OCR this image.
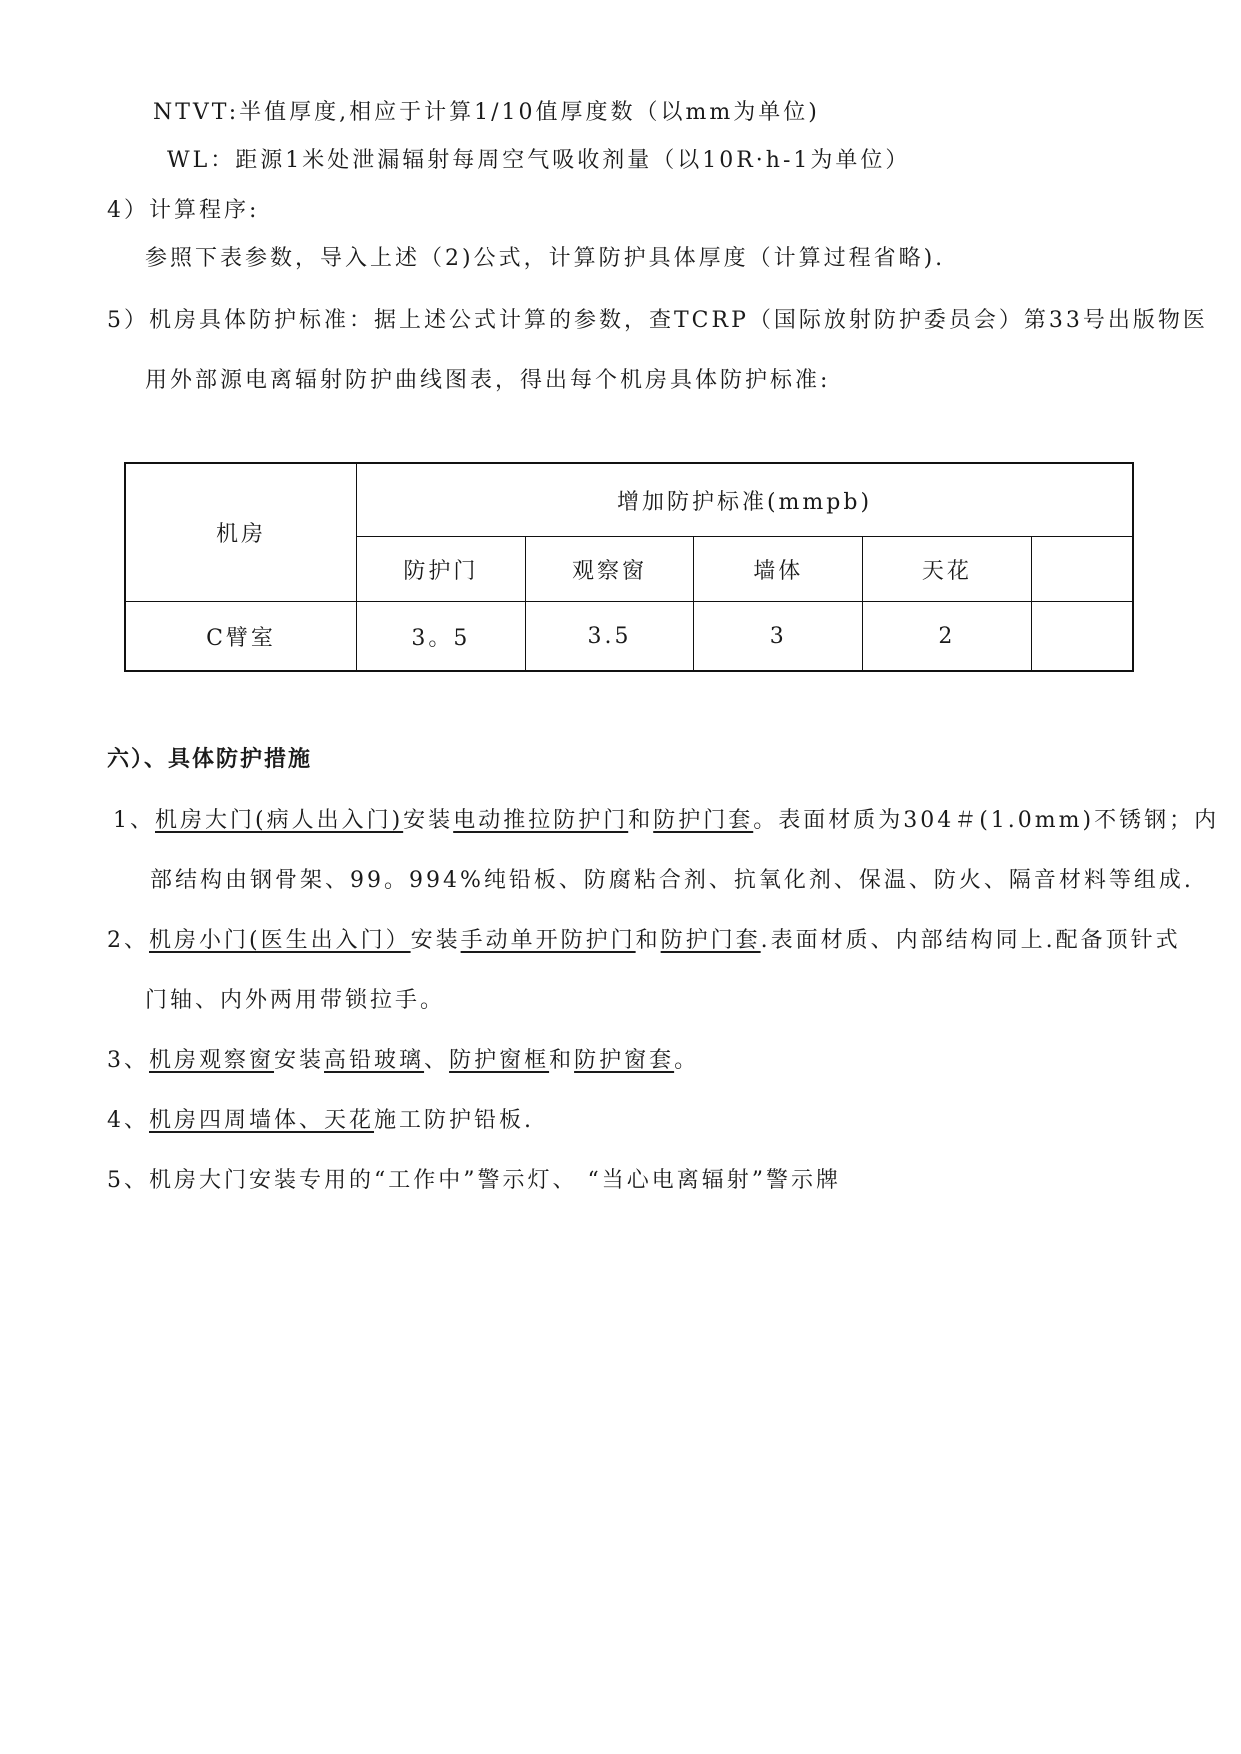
NTVT:半值厚度,相应于计算1/10值厚度数（以mm为单位)
WL：距源1米处泄漏辐射每周空气吸收剂量（以10R·h-1为单位）
4）计算程序:
参照下表参数，导入上述（2)公式，计算防护具体厚度（计算过程省略).
5）机房具体防护标准：据上述公式计算的参数，查TCRP（国际放射防护委员会）第33号出版物医
用外部源电离辐射防护曲线图表，得出每个机房具体防护标准:
机房	增加防护标准(mmpb)				
	防护门	观察窗	墙体	天花	
C臂室	3。5	3.5	3	2	
六）、具体防护措施
1、机房大门(病人出入门)安装电动推拉防护门和防护门套。表面材质为304＃(1.0mm)不锈钢；内
部结构由钢骨架、99。994%纯铅板、防腐粘合剂、抗氧化剂、保温、防火、隔音材料等组成.
2、机房小门(医生出入门）安装手动单开防护门和防护门套.表面材质、内部结构同上.配备顶针式
门轴、内外两用带锁拉手。
3、机房观察窗安装高铅玻璃、防护窗框和防护窗套。
4、机房四周墙体、天花施工防护铅板.
5、机房大门安装专用的“工作中”警示灯、 “当心电离辐射”警示牌
